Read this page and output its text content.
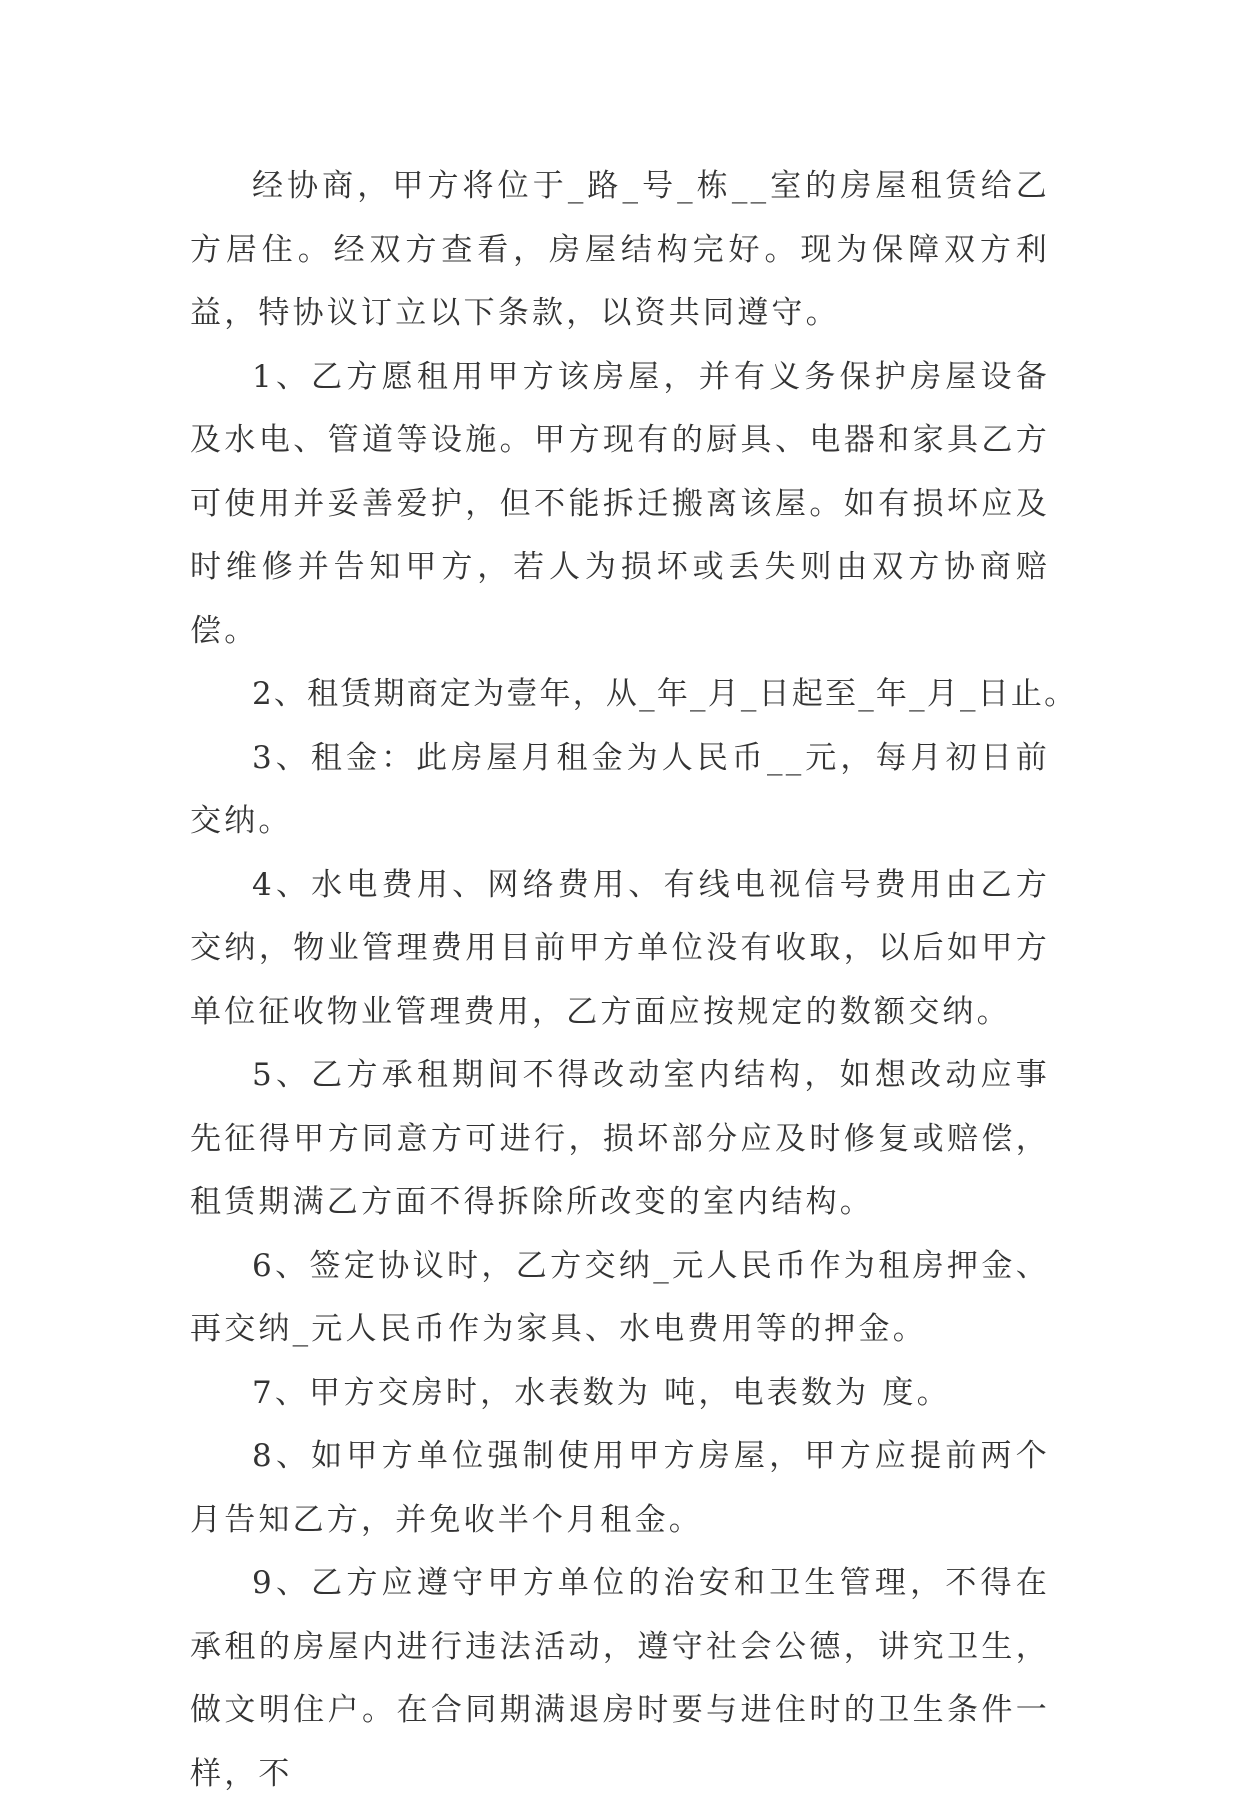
经协商，甲方将位于_路_号_栋__室的房屋租赁给乙方居住。经双方查看，房屋结构完好。现为保障双方利益，特协议订立以下条款，以资共同遵守。

1、乙方愿租用甲方该房屋，并有义务保护房屋设备及水电、管道等设施。甲方现有的厨具、电器和家具乙方可使用并妥善爱护，但不能拆迁搬离该屋。如有损坏应及时维修并告知甲方，若人为损坏或丢失则由双方协商赔偿。

2、租赁期商定为壹年，从_年_月_日起至_年_月_日止。

3、租金：此房屋月租金为人民币__元，每月初日前交纳。

4、水电费用、网络费用、有线电视信号费用由乙方交纳，物业管理费用目前甲方单位没有收取，以后如甲方单位征收物业管理费用，乙方面应按规定的数额交纳。

5、乙方承租期间不得改动室内结构，如想改动应事先征得甲方同意方可进行，损坏部分应及时修复或赔偿，租赁期满乙方面不得拆除所改变的室内结构。

6、签定协议时，乙方交纳_元人民币作为租房押金、再交纳_元人民币作为家具、水电费用等的押金。

7、甲方交房时，水表数为 吨，电表数为 度。

8、如甲方单位强制使用甲方房屋，甲方应提前两个月告知乙方，并免收半个月租金。

9、乙方应遵守甲方单位的治安和卫生管理，不得在承租的房屋内进行违法活动，遵守社会公德，讲究卫生，做文明住户。在合同期满退房时要与进住时的卫生条件一样，不
